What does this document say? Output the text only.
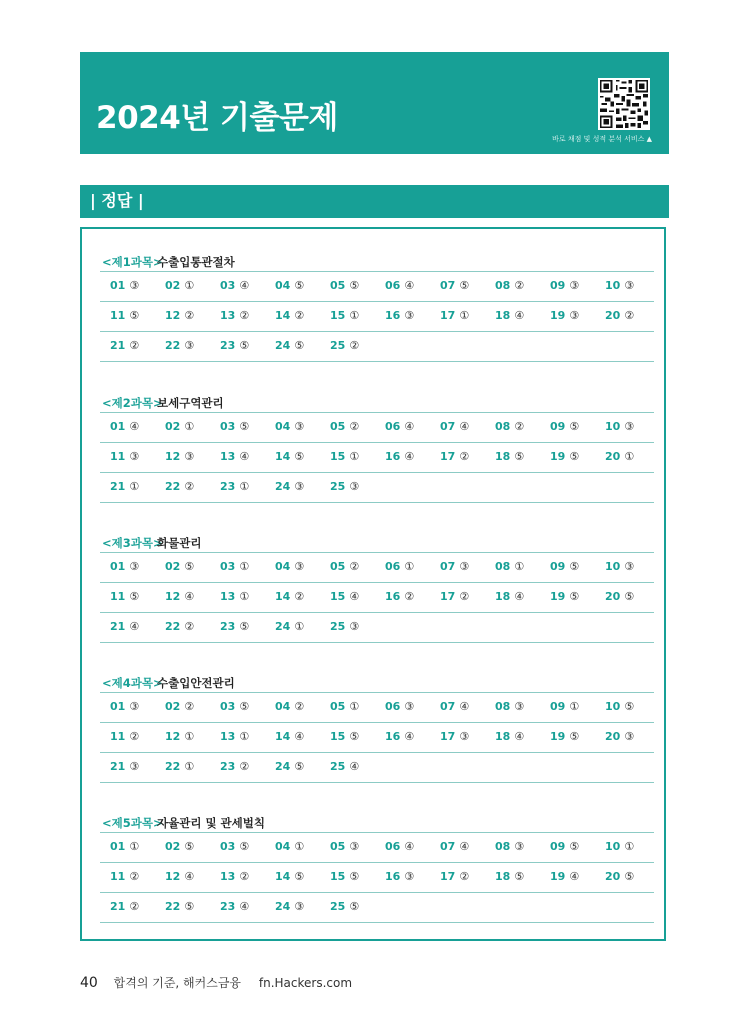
2024년 기출문제
바로 채점 및 성적 분석 서비스 ▲
| 정답 |
<제1과목>
수출입통관절차
01 ③ 02 ① 03 ④ 04 ⑤ 05 ⑤ 06 ④ 07 ⑤ 08 ② 09 ③ 10 ③
11 ⑤ 12 ② 13 ② 14 ② 15 ① 16 ③ 17 ① 18 ④ 19 ③ 20 ②
21 ② 22 ③ 23 ⑤ 24 ⑤ 25 ②
<제2과목>
보세구역관리
01 ④ 02 ① 03 ⑤ 04 ③ 05 ② 06 ④ 07 ④ 08 ② 09 ⑤ 10 ③
11 ③ 12 ③ 13 ④ 14 ⑤ 15 ① 16 ④ 17 ② 18 ⑤ 19 ⑤ 20 ①
21 ① 22 ② 23 ① 24 ③ 25 ③
<제3과목>
화물관리
01 ③ 02 ⑤ 03 ① 04 ③ 05 ② 06 ① 07 ③ 08 ① 09 ⑤ 10 ③
11 ⑤ 12 ④ 13 ① 14 ② 15 ④ 16 ② 17 ② 18 ④ 19 ⑤ 20 ⑤
21 ④ 22 ② 23 ⑤ 24 ① 25 ③
<제4과목>
수출입안전관리
01 ③ 02 ② 03 ⑤ 04 ② 05 ① 06 ③ 07 ④ 08 ③ 09 ① 10 ⑤
11 ② 12 ① 13 ① 14 ④ 15 ⑤ 16 ④ 17 ③ 18 ④ 19 ⑤ 20 ③
21 ③ 22 ① 23 ② 24 ⑤ 25 ④
<제5과목>
자율관리 및 관세벌칙
01 ① 02 ⑤ 03 ⑤ 04 ① 05 ③ 06 ④ 07 ④ 08 ③ 09 ⑤ 10 ①
11 ② 12 ④ 13 ② 14 ⑤ 15 ⑤ 16 ③ 17 ② 18 ⑤ 19 ④ 20 ⑤
21 ② 22 ⑤ 23 ④ 24 ③ 25 ⑤
40 합격의 기준, 해커스금융 fn.Hackers.com
